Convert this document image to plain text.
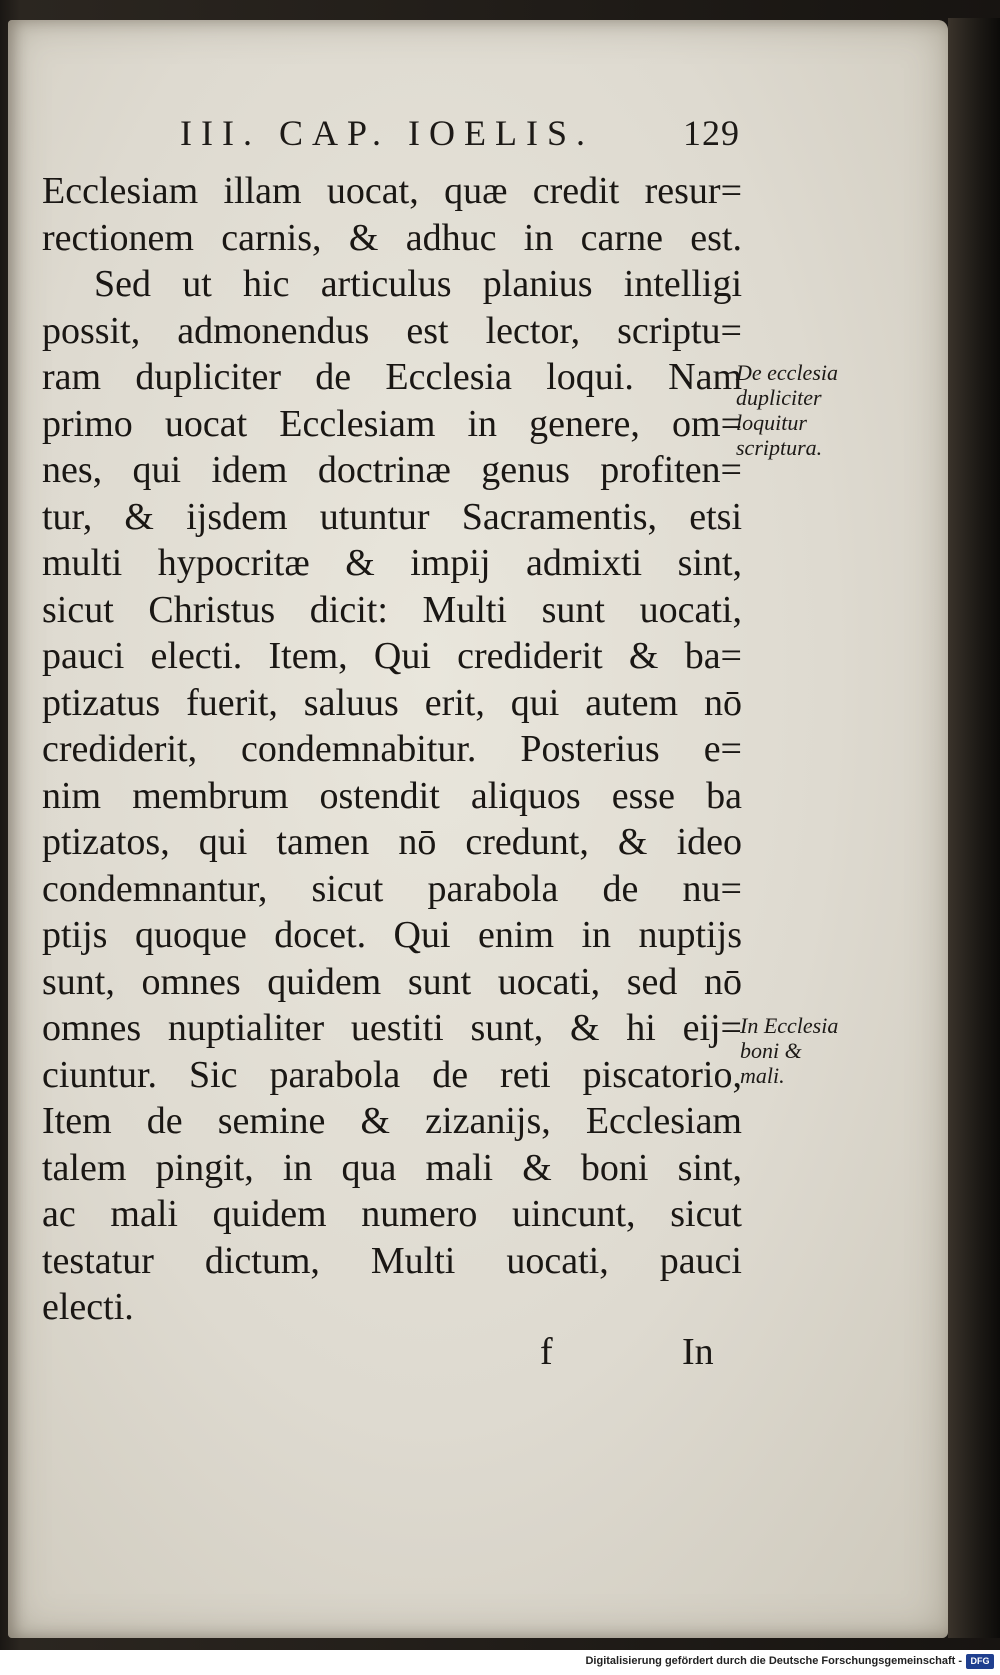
III. CAP. IOELIS. 129
Ecclesiam illam uocat, quæ credit resur=
rectionem carnis, & adhuc in carne est.
Sed ut hic articulus planius intelligi
possit, admonendus est lector, scriptu=
ram dupliciter de Ecclesia loqui. Nam
primo uocat Ecclesiam in genere, om=
nes, qui idem doctrinæ genus profiten=
tur, & ijsdem utuntur Sacramentis, etsi
multi hypocritæ & impij admixti sint,
sicut Christus dicit: Multi sunt uocati,
pauci electi. Item, Qui crediderit & ba=
ptizatus fuerit, saluus erit, qui autem nō
crediderit, condemnabitur. Posterius e=
nim membrum ostendit aliquos esse ba
ptizatos, qui tamen nō credunt, & ideo
condemnantur, sicut parabola de nu=
ptijs quoque docet. Qui enim in nuptijs
sunt, omnes quidem sunt uocati, sed nō
omnes nuptialiter uestiti sunt, & hi eij=
ciuntur. Sic parabola de reti piscatorio,
Item de semine & zizanijs, Ecclesiam
talem pingit, in qua mali & boni sint,
ac mali quidem numero uincunt, sicut
testatur dictum, Multi uocati, pauci
electi.
De ecclesia
dupliciter
loquitur
scriptura.
In Ecclesia
boni &
mali.
f	In
Digitalisierung gefördert durch die Deutsche Forschungsgemeinschaft - DFG
